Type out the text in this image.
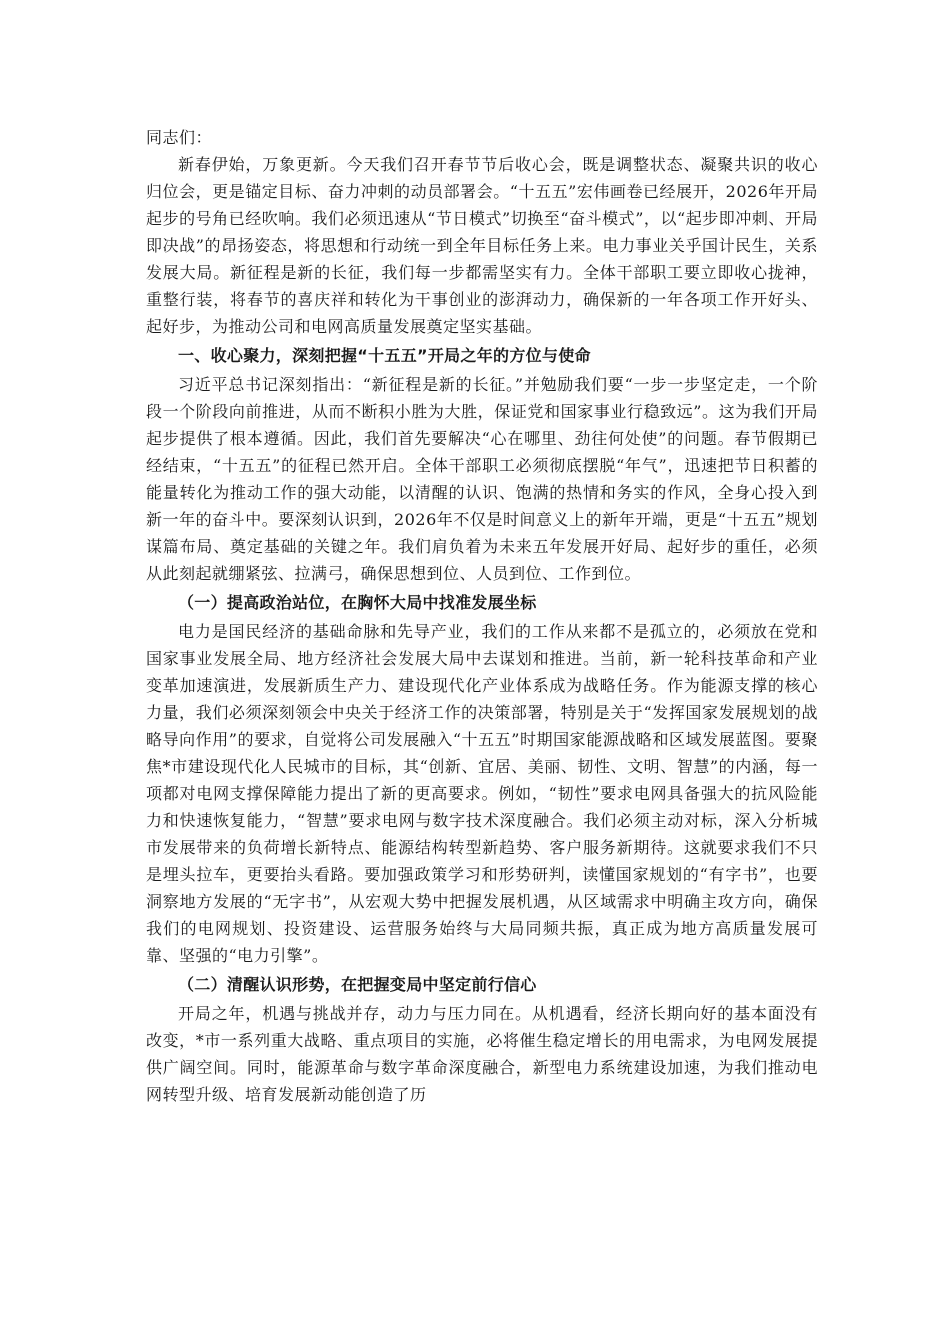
同志们：

新春伊始，万象更新。今天我们召开春节节后收心会，既是调整状态、凝聚共识的收心归位会，更是锚定目标、奋力冲刺的动员部署会。“十五五”宏伟画卷已经展开，2026年开局起步的号角已经吹响。我们必须迅速从“节日模式”切换至“奋斗模式”，以“起步即冲刺、开局即决战”的昂扬姿态，将思想和行动统一到全年目标任务上来。电力事业关乎国计民生，关系发展大局。新征程是新的长征，我们每一步都需坚实有力。全体干部职工要立即收心拢神，重整行装，将春节的喜庆祥和转化为干事创业的澎湃动力，确保新的一年各项工作开好头、起好步，为推动公司和电网高质量发展奠定坚实基础。

一、收心聚力，深刻把握“十五五”开局之年的方位与使命

习近平总书记深刻指出：“新征程是新的长征。”并勉励我们要“一步一步坚定走，一个阶段一个阶段向前推进，从而不断积小胜为大胜，保证党和国家事业行稳致远”。这为我们开局起步提供了根本遵循。因此，我们首先要解决“心在哪里、劲往何处使”的问题。春节假期已经结束，“十五五”的征程已然开启。全体干部职工必须彻底摆脱“年气”，迅速把节日积蓄的能量转化为推动工作的强大动能，以清醒的认识、饱满的热情和务实的作风，全身心投入到新一年的奋斗中。要深刻认识到，2026年不仅是时间意义上的新年开端，更是“十五五”规划谋篇布局、奠定基础的关键之年。我们肩负着为未来五年发展开好局、起好步的重任，必须从此刻起就绷紧弦、拉满弓，确保思想到位、人员到位、工作到位。

（一）提高政治站位，在胸怀大局中找准发展坐标

电力是国民经济的基础命脉和先导产业，我们的工作从来都不是孤立的，必须放在党和国家事业发展全局、地方经济社会发展大局中去谋划和推进。当前，新一轮科技革命和产业变革加速演进，发展新质生产力、建设现代化产业体系成为战略任务。作为能源支撑的核心力量，我们必须深刻领会中央关于经济工作的决策部署，特别是关于“发挥国家发展规划的战略导向作用”的要求，自觉将公司发展融入“十五五”时期国家能源战略和区域发展蓝图。要聚焦*市建设现代化人民城市的目标，其“创新、宜居、美丽、韧性、文明、智慧”的内涵，每一项都对电网支撑保障能力提出了新的更高要求。例如，“韧性”要求电网具备强大的抗风险能力和快速恢复能力，“智慧”要求电网与数字技术深度融合。我们必须主动对标，深入分析城市发展带来的负荷增长新特点、能源结构转型新趋势、客户服务新期待。这就要求我们不只是埋头拉车，更要抬头看路。要加强政策学习和形势研判，读懂国家规划的“有字书”，也要洞察地方发展的“无字书”，从宏观大势中把握发展机遇，从区域需求中明确主攻方向，确保我们的电网规划、投资建设、运营服务始终与大局同频共振，真正成为地方高质量发展可靠、坚强的“电力引擎”。

（二）清醒认识形势，在把握变局中坚定前行信心

开局之年，机遇与挑战并存，动力与压力同在。从机遇看，经济长期向好的基本面没有改变，*市一系列重大战略、重点项目的实施，必将催生稳定增长的用电需求，为电网发展提供广阔空间。同时，能源革命与数字革命深度融合，新型电力系统建设加速，为我们推动电网转型升级、培育发展新动能创造了历
